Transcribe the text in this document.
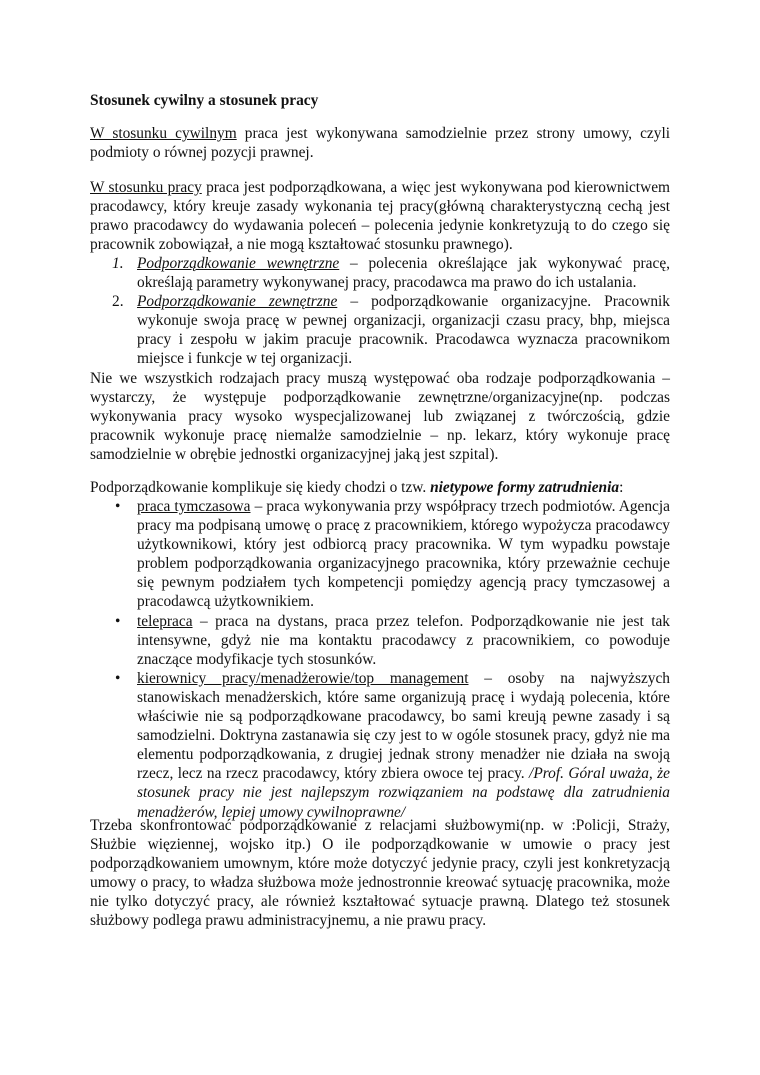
Stosunek cywilny a stosunek pracy
W stosunku cywilnym praca jest wykonywana samodzielnie przez strony umowy, czyli podmioty o równej pozycji prawnej.
W stosunku pracy praca jest podporządkowana, a więc jest wykonywana pod kierownictwem pracodawcy, który kreuje zasady wykonania tej pracy(główną charakterystyczną cechą jest prawo pracodawcy do wydawania poleceń – polecenia jedynie konkretyzują to do czego się pracownik zobowiązał, a nie mogą kształtować stosunku prawnego).
1. Podporządkowanie wewnętrzne – polecenia określające jak wykonywać pracę, określają parametry wykonywanej pracy, pracodawca ma prawo do ich ustalania.
2. Podporządkowanie zewnętrzne – podporządkowanie organizacyjne. Pracownik wykonuje swoja pracę w pewnej organizacji, organizacji czasu pracy, bhp, miejsca pracy i zespołu w jakim pracuje pracownik. Pracodawca wyznacza pracownikom miejsce i funkcje w tej organizacji.
Nie we wszystkich rodzajach pracy muszą występować oba rodzaje podporządkowania – wystarczy, że występuje podporządkowanie zewnętrzne/organizacyjne(np. podczas wykonywania pracy wysoko wyspecjalizowanej lub związanej z twórczością, gdzie pracownik wykonuje pracę niemalże samodzielnie – np. lekarz, który wykonuje pracę samodzielnie w obrębie jednostki organizacyjnej jaką jest szpital).
Podporządkowanie komplikuje się kiedy chodzi o tzw. nietypowe formy zatrudnienia:
• praca tymczasowa – praca wykonywania przy współpracy trzech podmiotów. Agencja pracy ma podpisaną umowę o pracę z pracownikiem, którego wypożycza pracodawcy użytkownikowi, który jest odbiorcą pracy pracownika. W tym wypadku powstaje problem podporządkowania organizacyjnego pracownika, który przeważnie cechuje się pewnym podziałem tych kompetencji pomiędzy agencją pracy tymczasowej a pracodawcą użytkownikiem.
• telepraca – praca na dystans, praca przez telefon. Podporządkowanie nie jest tak intensywne, gdyż nie ma kontaktu pracodawcy z pracownikiem, co powoduje znaczące modyfikacje tych stosunków.
• kierownicy pracy/menadżerowie/top management – osoby na najwyższych stanowiskach menadżerskich, które same organizują pracę i wydają polecenia, które właściwie nie są podporządkowane pracodawcy, bo sami kreują pewne zasady i są samodzielni. Doktryna zastanawia się czy jest to w ogóle stosunek pracy, gdyż nie ma elementu podporządkowania, z drugiej jednak strony menadżer nie działa na swoją rzecz, lecz na rzecz pracodawcy, który zbiera owoce tej pracy. /Prof. Góral uważa, że stosunek pracy nie jest najlepszym rozwiązaniem na podstawę dla zatrudnienia menadżerów, lepiej umowy cywilnoprawne/
Trzeba skonfrontować podporządkowanie z relacjami służbowymi(np. w :Policji, Straży, Służbie więziennej, wojsko itp.) O ile podporządkowanie w umowie o pracy jest podporządkowaniem umownym, które może dotyczyć jedynie pracy, czyli jest konkretyzacją umowy o pracy, to władza służbowa może jednostronnie kreować sytuację pracownika, może nie tylko dotyczyć pracy, ale również kształtować sytuacje prawną. Dlatego też stosunek służbowy podlega prawu administracyjnemu, a nie prawu pracy.
